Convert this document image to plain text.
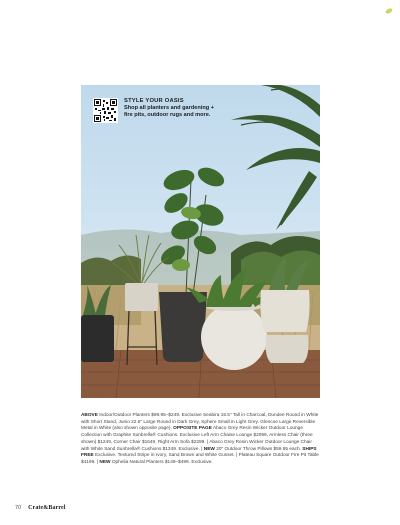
STYLE YOUR OASIS
Shop all planters and gardening + fire pits, outdoor rugs and more.
ABOVE Indoor/Outdoor Planters $99.95–$249. Exclusive Seabira 15.5" Tall in Charcoal, Dundee Round in White with Short Stand, Junio 22.5" Large Round in Dark Grey, Sphere Small in Light Grey. Glencoe Large Reversible Metal in White (also shown opposite page). OPPOSITE PAGE Abaco Grey Resin Wicker Outdoor Lounge Collection with Graphite Sunbrella® Cushions. Exclusive Left Arm Chaise Lounge $2099, Armless Chair (three shown) $1249, Corner Chair $1649, Right Arm Sofa $2299. | Abaco Grey Resin Wicker Outdoor Lounge Chair with White Sand Sunbrella® Cushions $1349. Exclusive. | NEW 20" Outdoor Throw Pillows $59.95 each. SHIPS FREE Exclusive. Textured Stripe in Ivory, Sand Brown and White Gusset. | Plateau Square Outdoor Fire Pit Table $4199. | NEW Ophelia Natural Planters $149–$499. Exclusive.
70 Crate&Barrel
